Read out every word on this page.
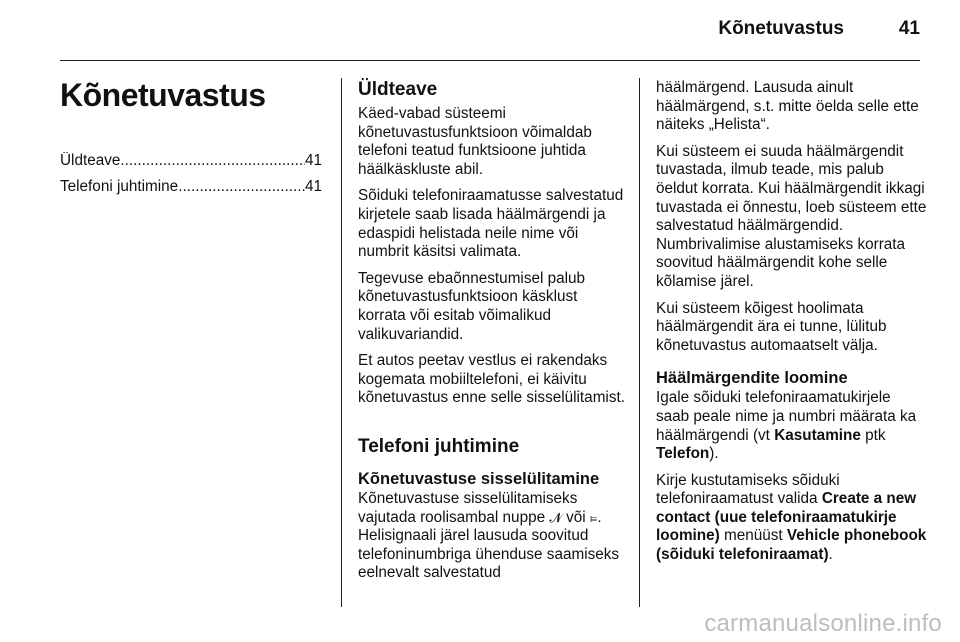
Kõnetuvastus	41
Kõnetuvastus
Üldteave .....	41
Telefoni juhtimine .....	41
Üldteave

Käed-vabad süsteemi kõnetuvastusfunktsioon võimaldab telefoni teatud funktsioone juhtida häälkäskluste abil.

Sõiduki telefoniraamatusse salvestatud kirjetele saab lisada häälmärgendi ja edaspidi helistada neile nime või numbrit käsitsi valimata.

Tegevuse ebaõnnestumisel palub kõnetuvastusfunktsioon käsklust korrata või esitab võimalikud valikuvariandid.

Et autos peetav vestlus ei rakendaks kogemata mobiiltelefoni, ei käivitu kõnetuvastus enne selle sisselülitamist.

Telefoni juhtimine
Kõnetuvastuse sisselülitamine

Kõnetuvastuse sisselülitamiseks vajutada roolisambal nuppe 𝓝 või ⫢. Helisignaali järel lausuda soovitud telefoninumbriga ühenduse saamiseks eelnevalt salvestatud

häälmärgend. Lausuda ainult häälmärgend, s.t. mitte öelda selle ette näiteks „Helista“.

Kui süsteem ei suuda häälmärgendit tuvastada, ilmub teade, mis palub öeldut korrata. Kui häälmärgendit ikkagi tuvastada ei õnnestu, loeb süsteem ette salvestatud häälmärgendid. Numbrivalimise alustamiseks korrata soovitud häälmärgendit kohe selle kõlamise järel.

Kui süsteem kõigest hoolimata häälmärgendit ära ei tunne, lülitub kõnetuvastus automaatselt välja.

Häälmärgendite loomine

Igale sõiduki telefoniraamatukirjele saab peale nime ja numbri määrata ka häälmärgendi (vt Kasutamine ptk Telefon).

Kirje kustutamiseks sõiduki telefoniraamatust valida Create a new contact (uue telefoniraamatukirje loomine) menüüst Vehicle phonebook (sõiduki telefoniraamat).

carmanualsonline.info
